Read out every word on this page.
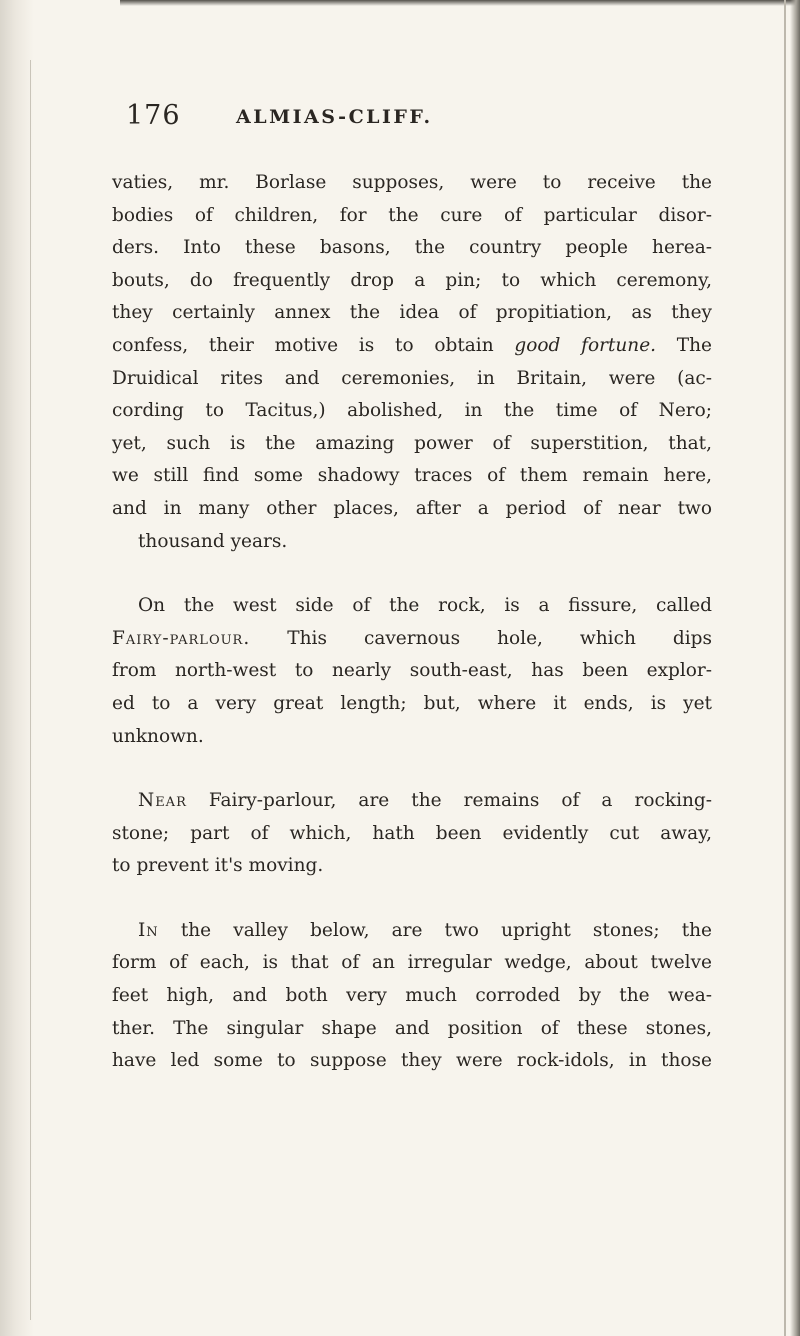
176	ALMIAS-CLIFF.
vaties, mr. Borlase supposes, were to receive the
bodies of children, for the cure of particular disor-
ders. Into these basons, the country people herea-
bouts, do frequently drop a pin; to which ceremony,
they certainly annex the idea of propitiation, as they
confess, their motive is to obtain good fortune. The
Druidical rites and ceremonies, in Britain, were (ac-
cording to Tacitus,) abolished, in the time of Nero;
yet, such is the amazing power of superstition, that,
we still find some shadowy traces of them remain here,
and in many other places, after a period of near two
thousand years.
On the west side of the rock, is a fissure, called
Fairy-parlour. This cavernous hole, which dips
from north-west to nearly south-east, has been explor-
ed to a very great length; but, where it ends, is yet
unknown.
Near Fairy-parlour, are the remains of a rocking-
stone; part of which, hath been evidently cut away,
to prevent it's moving.
In the valley below, are two upright stones; the
form of each, is that of an irregular wedge, about twelve
feet high, and both very much corroded by the wea-
ther. The singular shape and position of these stones,
have led some to suppose they were rock-idols, in those
